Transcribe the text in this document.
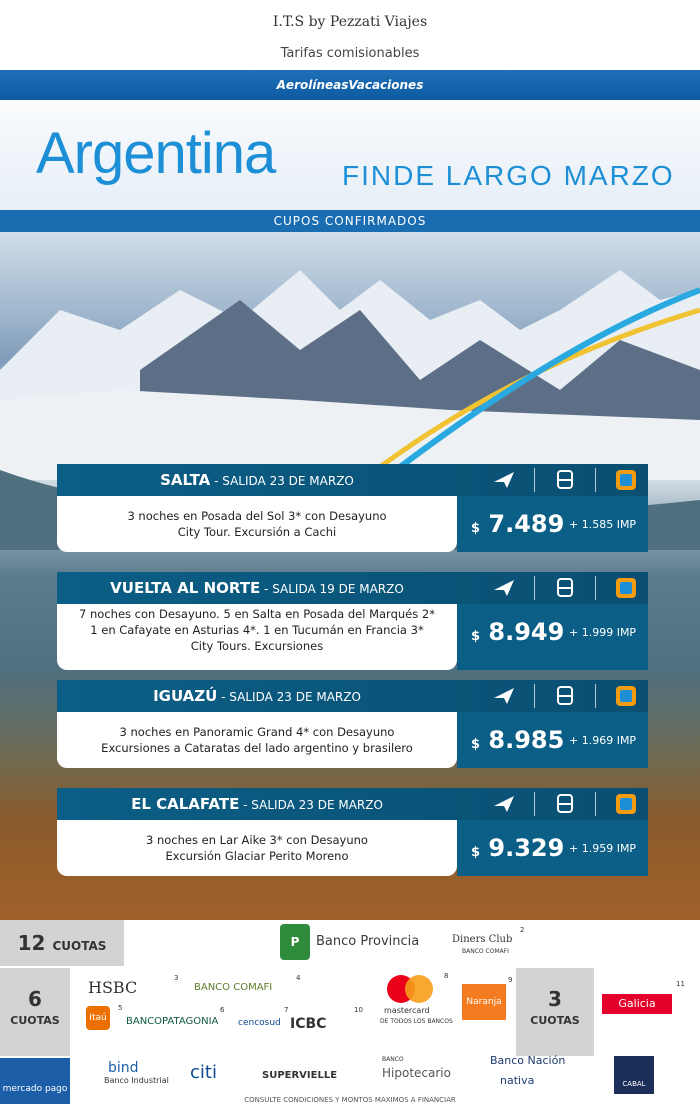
I.T.S by Pezzati Viajes
Tarifas comisionables
AerolíneasVacaciones
Argentina FINDE LARGO MARZO
CUPOS CONFIRMADOS
SALTA - SALIDA 23 DE MARZO
3 noches en Posada del Sol 3* con Desayuno
City Tour. Excursión a Cachi	$ 7.489 + 1.585 IMP
VUELTA AL NORTE - SALIDA 19 DE MARZO
7 noches con Desayuno. 5 en Salta en Posada del Marqués 2*
1 en Cafayate en Asturias 4*. 1 en Tucumán en Francia 3*
City Tours. Excursiones
$ 8.949 + 1.999 IMP
IGUAZÚ - SALIDA 23 DE MARZO
3 noches en Panoramic Grand 4* con Desayuno
Excursiones a Cataratas del lado argentino y brasilero	$ 8.985 + 1.969 IMP
EL CALAFATE - SALIDA 23 DE MARZO
3 noches en Lar Aike 3* con Desayuno
Excursión Glaciar Perito Moreno	$ 9.329 + 1.959 IMP
12 CUOTAS	P	Banco Provincia	Diners Club
BANCO COMAFI
2
6
CUOTAS
HSBC	3
BANCO COMAFI
4
Itaú
5
BANCOPATAGONIA
6
cencosud
7
ICBC
10	mastercard
DE TODOS LOS BANCOS
8
Naranja
9
3
CUOTAS
Galicia
11
mercado pago
bind
Banco Industrial citi	SUPERVIELLE
BANCO
Hipotecario
Banco Nación
nativa	CABAL
CONSULTE CONDICIONES Y MONTOS MAXIMOS A FINANCIAR
